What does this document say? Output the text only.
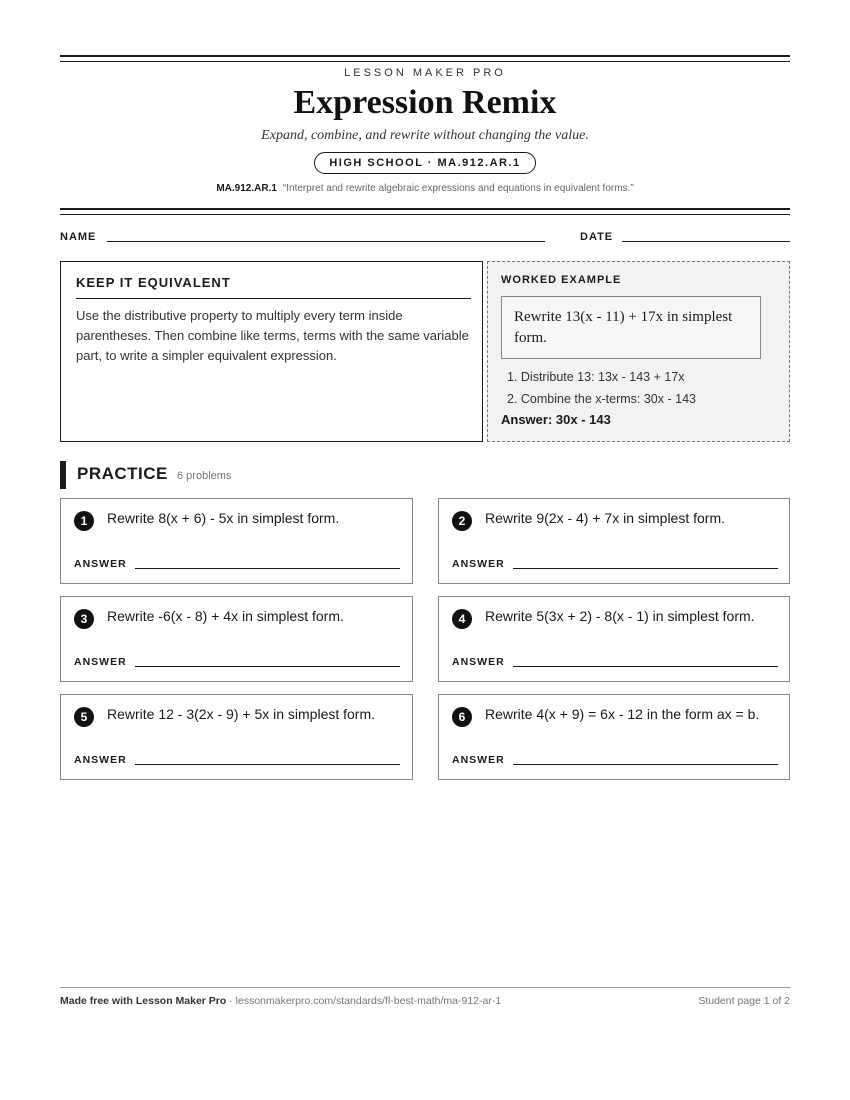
LESSON MAKER PRO
Expression Remix
Expand, combine, and rewrite without changing the value.
HIGH SCHOOL · MA.912.AR.1
MA.912.AR.1 “Interpret and rewrite algebraic expressions and equations in equivalent forms.”
NAME	DATE
KEEP IT EQUIVALENT

Use the distributive property to multiply every term inside parentheses. Then combine like terms, terms with the same variable part, to write a simpler equivalent expression.

WORKED EXAMPLE
Rewrite 13(x - 11) + 17x in simplest form.
1. Distribute 13: 13x - 143 + 17x
2. Combine the x-terms: 30x - 143
Answer: 30x - 143
PRACTICE 6 problems
1	Rewrite 8(x + 6) - 5x in simplest form.
ANSWER
2	Rewrite 9(2x - 4) + 7x in simplest form.
ANSWER
3	Rewrite -6(x - 8) + 4x in simplest form.
ANSWER
4	Rewrite 5(3x + 2) - 8(x - 1) in simplest form.
ANSWER
5	Rewrite 12 - 3(2x - 9) + 5x in simplest form.
ANSWER
6	Rewrite 4(x + 9) = 6x - 12 in the form ax = b.
ANSWER
Made free with Lesson Maker Pro · lessonmakerpro.com/standards/fl-best-math/ma-912-ar-1	Student page 1 of 2
